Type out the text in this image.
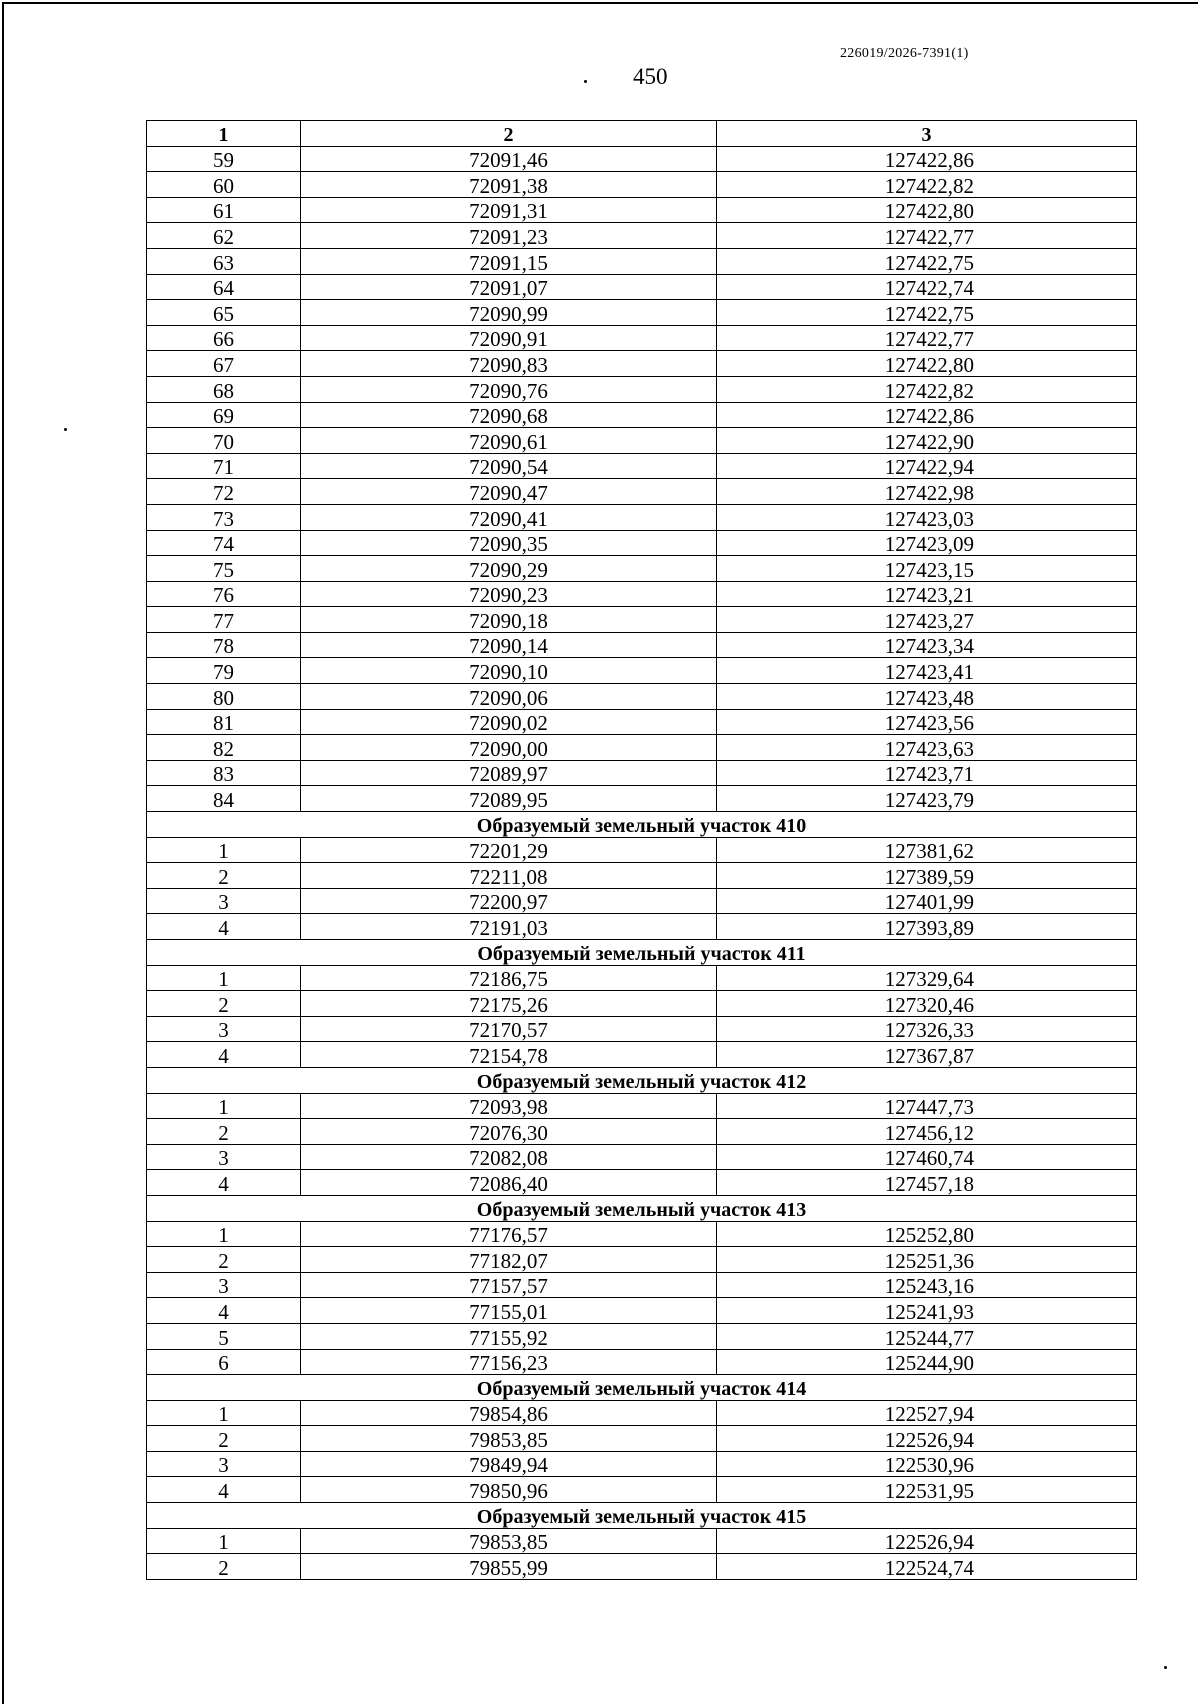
226019/2026-7391(1)
450
1	2	3
59	72091,46	127422,86
60	72091,38	127422,82
61	72091,31	127422,80
62	72091,23	127422,77
63	72091,15	127422,75
64	72091,07	127422,74
65	72090,99	127422,75
66	72090,91	127422,77
67	72090,83	127422,80
68	72090,76	127422,82
69	72090,68	127422,86
70	72090,61	127422,90
71	72090,54	127422,94
72	72090,47	127422,98
73	72090,41	127423,03
74	72090,35	127423,09
75	72090,29	127423,15
76	72090,23	127423,21
77	72090,18	127423,27
78	72090,14	127423,34
79	72090,10	127423,41
80	72090,06	127423,48
81	72090,02	127423,56
82	72090,00	127423,63
83	72089,97	127423,71
84	72089,95	127423,79
Образуемый земельный участок 410		
1	72201,29	127381,62
2	72211,08	127389,59
3	72200,97	127401,99
4	72191,03	127393,89
Образуемый земельный участок 411		
1	72186,75	127329,64
2	72175,26	127320,46
3	72170,57	127326,33
4	72154,78	127367,87
Образуемый земельный участок 412		
1	72093,98	127447,73
2	72076,30	127456,12
3	72082,08	127460,74
4	72086,40	127457,18
Образуемый земельный участок 413		
1	77176,57	125252,80
2	77182,07	125251,36
3	77157,57	125243,16
4	77155,01	125241,93
5	77155,92	125244,77
6	77156,23	125244,90
Образуемый земельный участок 414		
1	79854,86	122527,94
2	79853,85	122526,94
3	79849,94	122530,96
4	79850,96	122531,95
Образуемый земельный участок 415		
1	79853,85	122526,94
2	79855,99	122524,74
